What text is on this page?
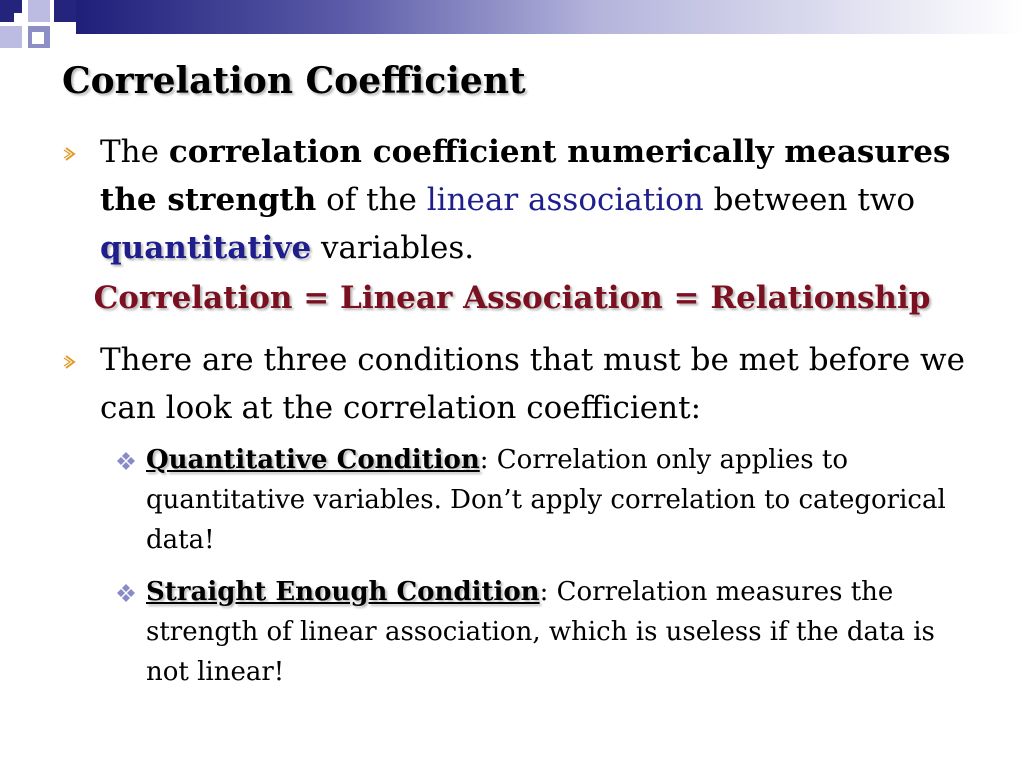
Correlation Coefficient

The correlation coefficient numerically measures the strength of the linear association between two quantitative variables.

Correlation = Linear Association = Relationship

There are three conditions that must be met before we can look at the correlation coefficient:

Quantitative Condition: Correlation only applies to quantitative variables. Don’t apply correlation to categorical data!

Straight Enough Condition: Correlation measures the strength of linear association, which is useless if the data is not linear!
